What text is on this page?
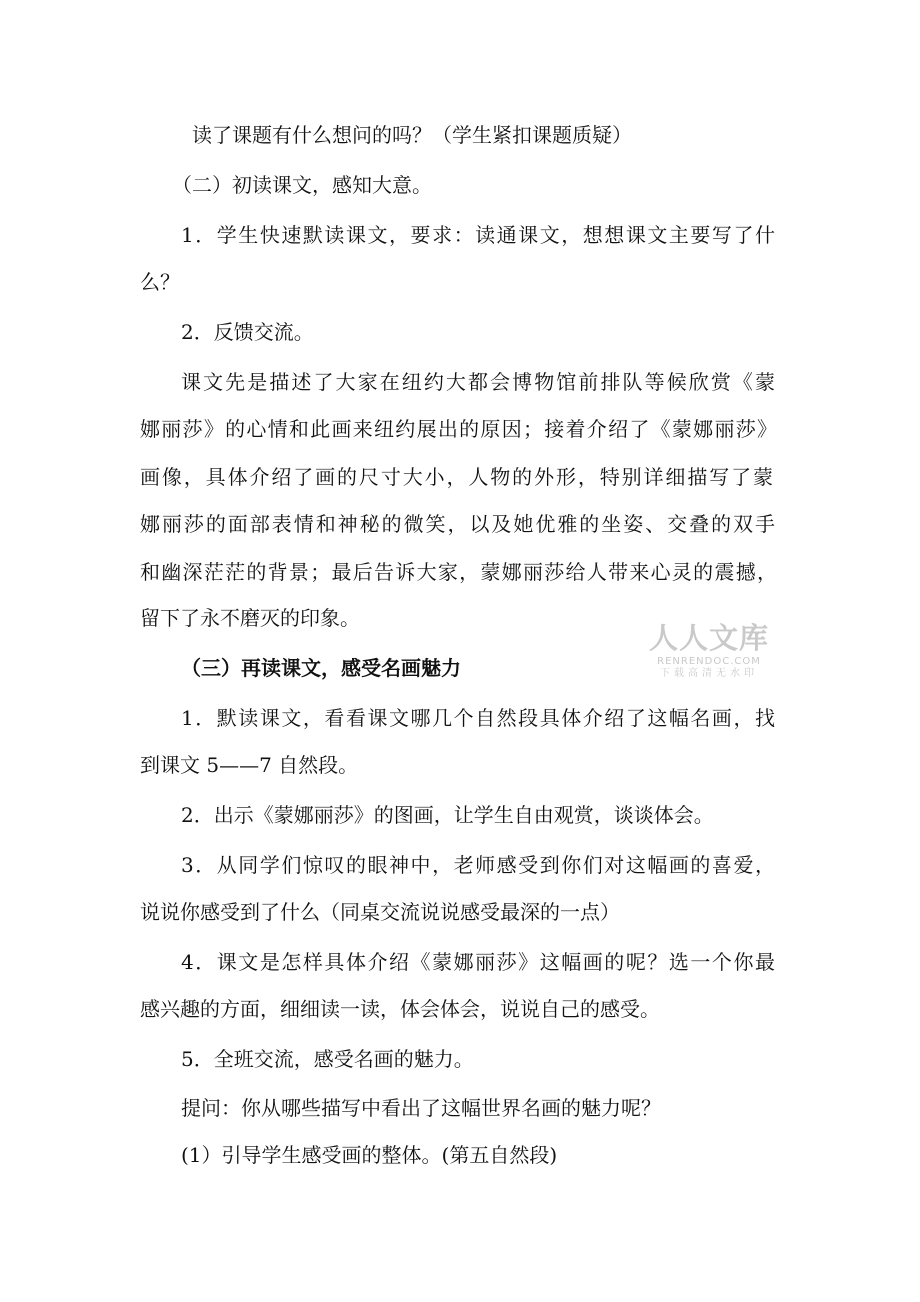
读了课题有什么想问的吗？（学生紧扣课题质疑）
（二）初读课文，感知大意。
1．学生快速默读课文，要求：读通课文，想想课文主要写了什
么？
2．反馈交流。
课文先是描述了大家在纽约大都会博物馆前排队等候欣赏《蒙
娜丽莎》的心情和此画来纽约展出的原因；接着介绍了《蒙娜丽莎》
画像，具体介绍了画的尺寸大小，人物的外形，特别详细描写了蒙
娜丽莎的面部表情和神秘的微笑，以及她优雅的坐姿、交叠的双手
和幽深茫茫的背景；最后告诉大家，蒙娜丽莎给人带来心灵的震撼，
留下了永不磨灭的印象。
（三）再读课文，感受名画魅力
1．默读课文，看看课文哪几个自然段具体介绍了这幅名画，找
到课文 5——7 自然段。
2．出示《蒙娜丽莎》的图画，让学生自由观赏，谈谈体会。
3．从同学们惊叹的眼神中，老师感受到你们对这幅画的喜爱，
说说你感受到了什么（同桌交流说说感受最深的一点）
4．课文是怎样具体介绍《蒙娜丽莎》这幅画的呢？选一个你最
感兴趣的方面，细细读一读，体会体会，说说自己的感受。
5．全班交流，感受名画的魅力。
提问：你从哪些描写中看出了这幅世界名画的魅力呢？
(1）引导学生感受画的整体。(第五自然段)
人人文库
RENRENDOC.COM
下载高清无水印
